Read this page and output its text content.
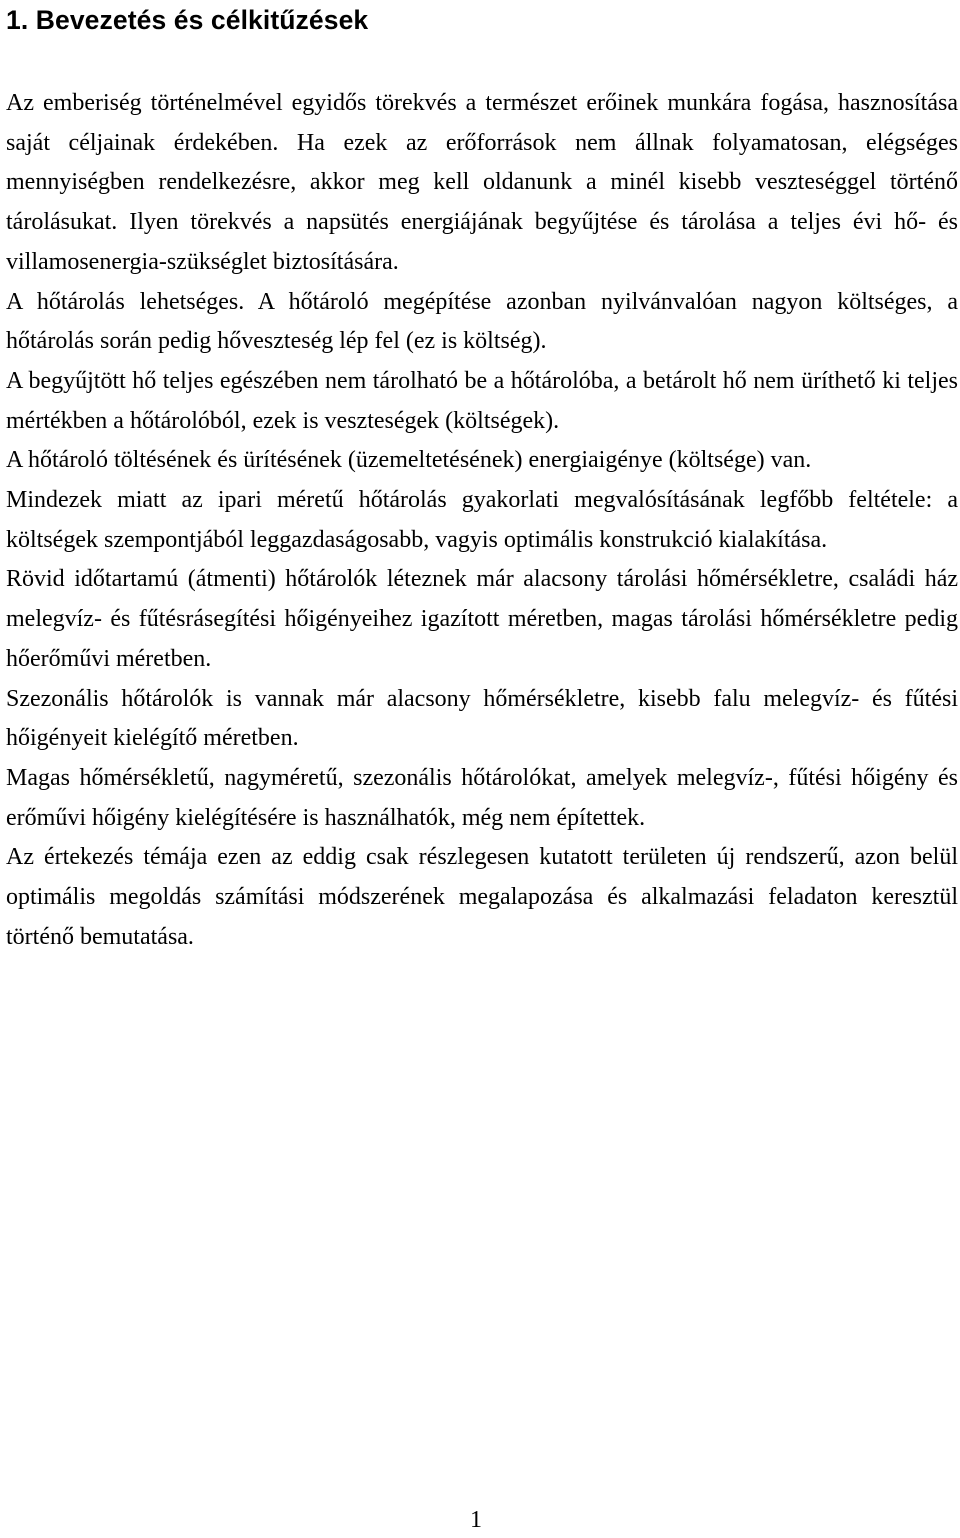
1. Bevezetés és célkitűzések

Az emberiség történelmével egyidős törekvés a természet erőinek munkára fogása, hasznosítása saját céljainak érdekében. Ha ezek az erőforrások nem állnak folyamatosan, elégséges mennyiségben rendelkezésre, akkor meg kell oldanunk a minél kisebb veszteséggel történő tárolásukat. Ilyen törekvés a napsütés energiájának begyűjtése és tárolása a teljes évi hő- és villamosenergia-szükséglet biztosítására.

A hőtárolás lehetséges. A hőtároló megépítése azonban nyilvánvalóan nagyon költséges, a hőtárolás során pedig hőveszteség lép fel (ez is költség).

A begyűjtött hő teljes egészében nem tárolható be a hőtárolóba, a betárolt hő nem üríthető ki teljes mértékben a hőtárolóból, ezek is veszteségek (költségek).

A hőtároló töltésének és ürítésének (üzemeltetésének) energiaigénye (költsége) van.

Mindezek miatt az ipari méretű hőtárolás gyakorlati megvalósításának legfőbb feltétele: a költségek szempontjából leggazdaságosabb, vagyis optimális konstrukció kialakítása.

Rövid időtartamú (átmenti) hőtárolók léteznek már alacsony tárolási hőmérsékletre, családi ház melegvíz- és fűtésrásegítési hőigényeihez igazított méretben, magas tárolási hőmérsékletre pedig hőerőművi méretben.

Szezonális hőtárolók is vannak már alacsony hőmérsékletre, kisebb falu melegvíz- és fűtési hőigényeit kielégítő méretben.

Magas hőmérsékletű, nagyméretű, szezonális hőtárolókat, amelyek melegvíz-, fűtési hőigény és erőművi hőigény kielégítésére is használhatók, még nem építettek.

Az értekezés témája ezen az eddig csak részlegesen kutatott területen új rendszerű, azon belül optimális megoldás számítási módszerének megalapozása és alkalmazási feladaton keresztül történő bemutatása.

1
